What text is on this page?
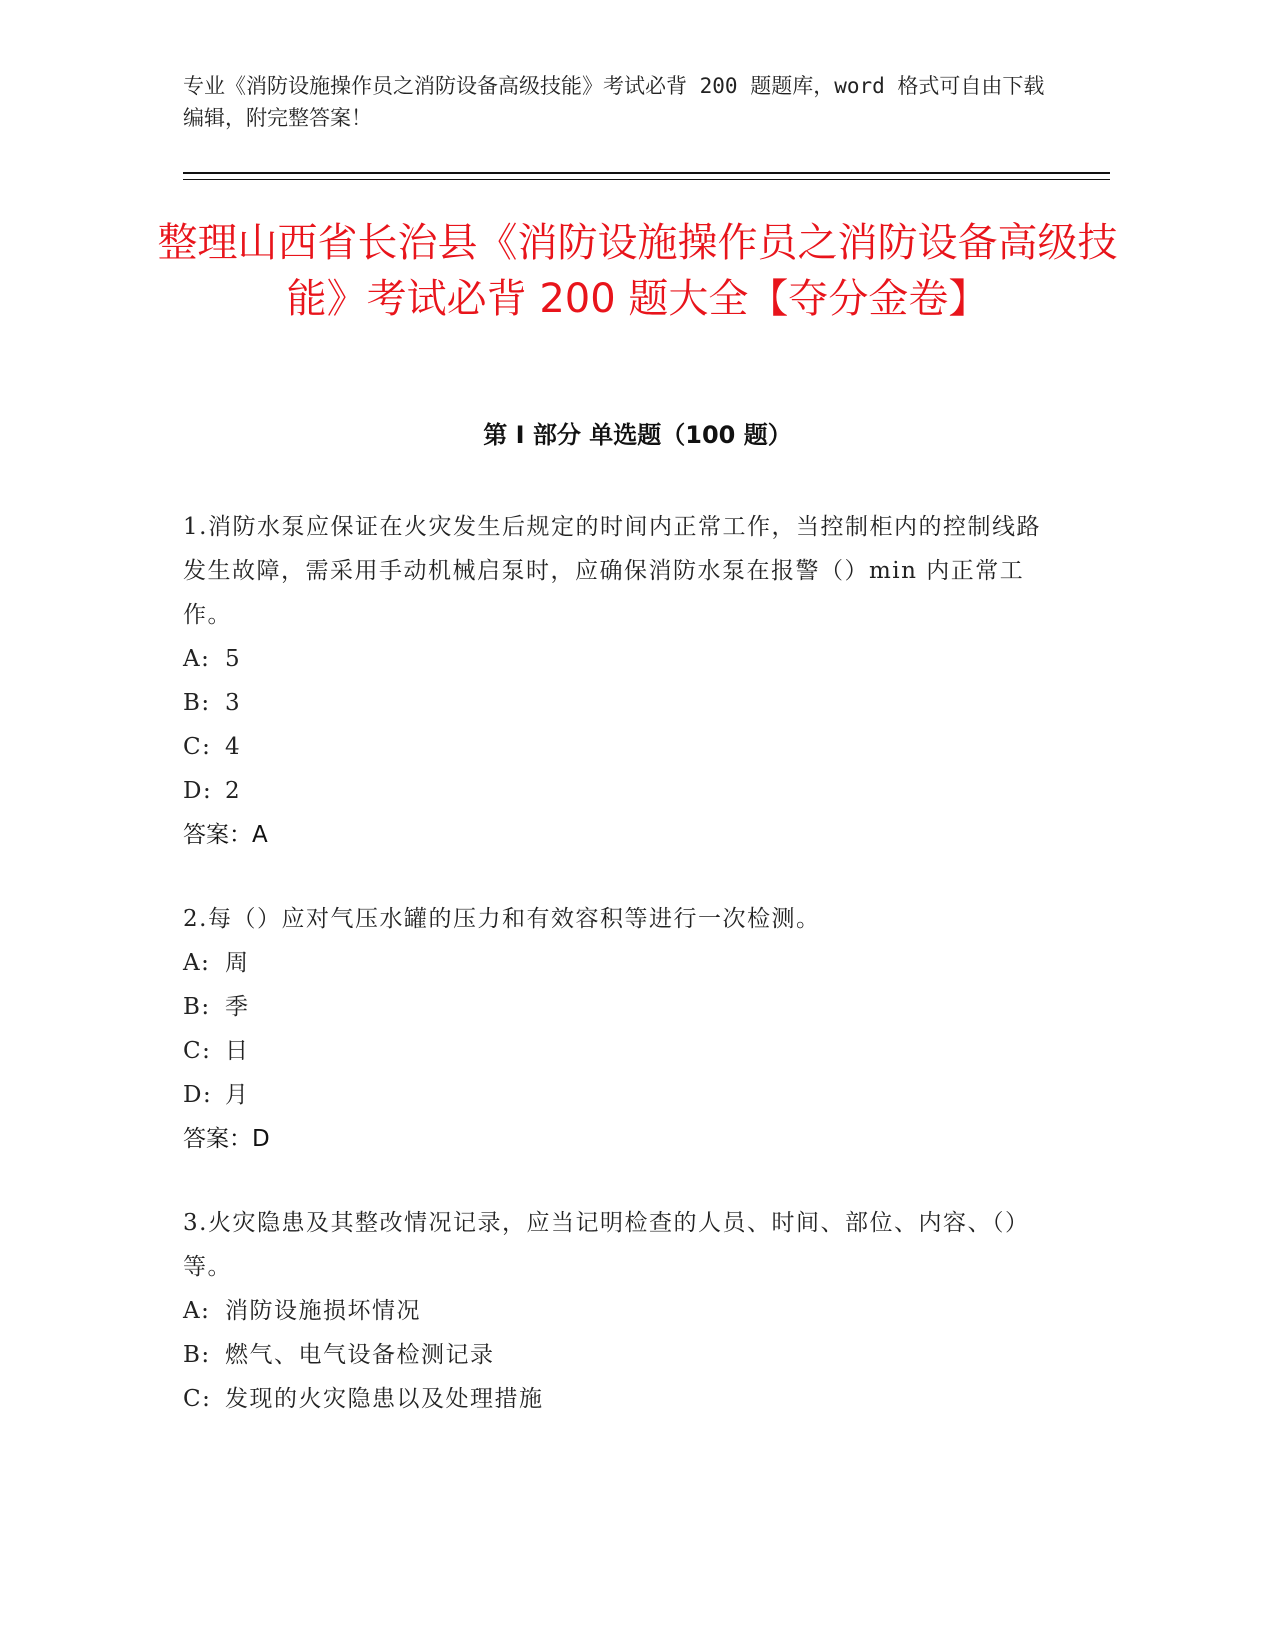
专业《消防设施操作员之消防设备高级技能》考试必背 200 题题库，word 格式可自由下载编辑，附完整答案！
整理山西省长治县《消防设施操作员之消防设备高级技能》考试必背 200 题大全【夺分金卷】
第 I 部分 单选题（100 题）
1.消防水泵应保证在火灾发生后规定的时间内正常工作，当控制柜内的控制线路发生故障，需采用手动机械启泵时，应确保消防水泵在报警（）min 内正常工作。
A: 5
B: 3
C: 4
D: 2
答案：A
2.每（）应对气压水罐的压力和有效容积等进行一次检测。
A: 周
B: 季
C: 日
D: 月
答案：D
3.火灾隐患及其整改情况记录，应当记明检查的人员、时间、部位、内容、（）等。
A: 消防设施损坏情况
B: 燃气、电气设备检测记录
C: 发现的火灾隐患以及处理措施
